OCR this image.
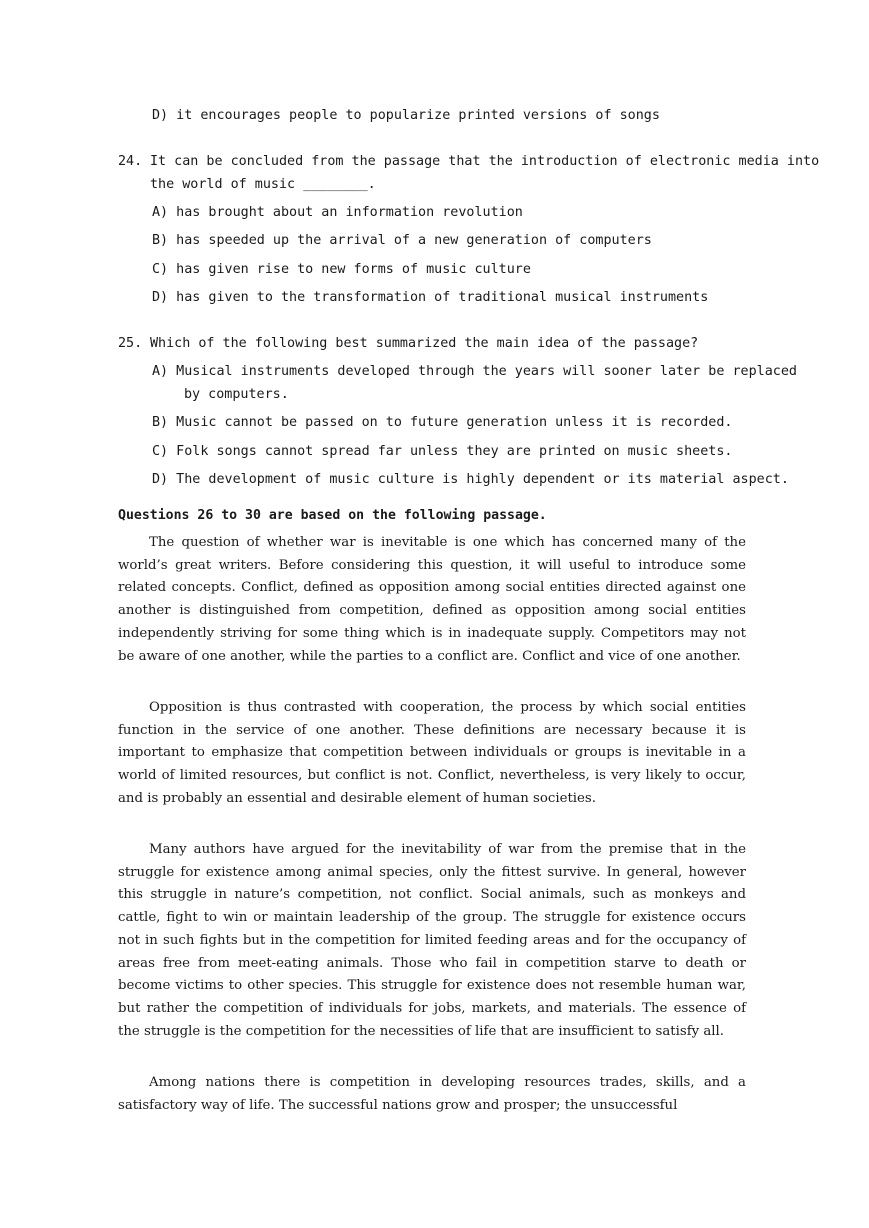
D) it encourages people to popularize printed versions of songs
24. It can be concluded from the passage that the introduction of electronic media into
the world of music ________.
A) has brought about an information revolution
B) has speeded up the arrival of a new generation of computers
C) has given rise to new forms of music culture
D) has given to the transformation of traditional musical instruments
25. Which of the following best summarized the main idea of the passage?
A) Musical instruments developed through the years will sooner later be replaced
by computers.
B) Music cannot be passed on to future generation unless it is recorded.
C) Folk songs cannot spread far unless they are printed on music sheets.
D) The development of music culture is highly dependent or its material aspect.
Questions 26 to 30 are based on the following passage.
The question of whether war is inevitable is one which has concerned many of the world’s great writers. Before considering this question, it will useful to introduce some related concepts. Conflict, defined as opposition among social entities directed against one another is distinguished from competition, defined as opposition among social entities independently striving for some thing which is in inadequate supply. Competitors may not be aware of one another, while the parties to a conflict are. Conflict and vice of one another.
Opposition is thus contrasted with cooperation, the process by which social entities function in the service of one another. These definitions are necessary because it is important to emphasize that competition between individuals or groups is inevitable in a world of limited resources, but conflict is not. Conflict, nevertheless, is very likely to occur, and is probably an essential and desirable element of human societies.
Many authors have argued for the inevitability of war from the premise that in the struggle for existence among animal species, only the fittest survive. In general, however this struggle in nature’s competition, not conflict. Social animals, such as monkeys and cattle, fight to win or maintain leadership of the group. The struggle for existence occurs not in such fights but in the competition for limited feeding areas and for the occupancy of areas free from meet-eating animals. Those who fail in competition starve to death or become victims to other species. This struggle for existence does not resemble human war, but rather the competition of individuals for jobs, markets, and materials. The essence of the struggle is the competition for the necessities of life that are insufficient to satisfy all.
Among nations there is competition in developing resources trades, skills, and a satisfactory way of life. The successful nations grow and prosper; the unsuccessful
